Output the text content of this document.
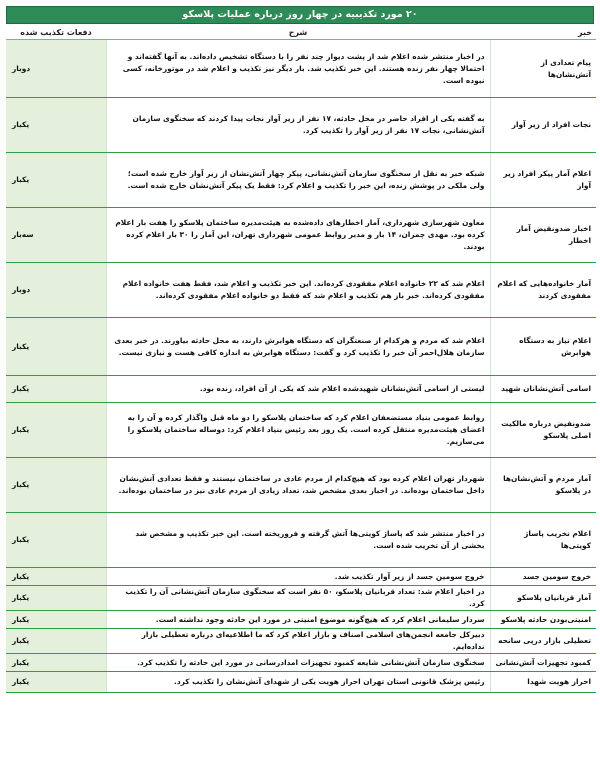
۲۰ مورد تکذیبیه در چهار روز درباره عملیات پلاسکو
خبر	شرح	دفعات تکذیب شده
پیام تعدادی از آتش‌نشان‌ها	در اخبار منتشر شده اعلام شد از پشت دیوار چند نفر را با دستگاه تشخیص داده‌اند. به آنها گفته‌اند و احتمالا چهار نفر زنده هستند. این خبر تکذیب شد. بار دیگر نیز تکذیب و اعلام شد در موتورخانه، کسی نبوده است.	دوبار
نجات افراد از زیر آوار	به گفته یکی از افراد حاضر در محل حادثه، ۱۷ نفر از زیر آوار نجات پیدا کردند که سخنگوی سازمان آتش‌نشانی، نجات ۱۷ نفر از زیر آوار را تکذیب کرد.	یکبار
اعلام آمار پیکر افراد زیر آوار	شبکه خبر به نقل از سخنگوی سازمان آتش‌نشانی، پیکر چهار آتش‌نشان از زیر آوار خارج شده است؛ ولی ملکی در پوشش زنده، این خبر را تکذیب و اعلام کرد: فقط یک پیکر آتش‌نشان خارج شده است.	یکبار
اخبار ضدونقیض آمار اخطار	معاون شهرسازی شهرداری، آمار اخطارهای داده‌شده به هیئت‌مدیره ساختمان پلاسکو را هفت بار اعلام کرده بود. مهدی چمران، ۱۴ بار و مدیر روابط عمومی شهرداری تهران، این آمار را ۳۰ بار اعلام کرده بودند.	سه‌بار
آمار خانواده‌هایی که اعلام مفقودی کردند	اعلام شد که ۲۲ خانواده اعلام مفقودی کرده‌اند. این خبر تکذیب و اعلام شد، فقط هفت خانواده اعلام مفقودی کرده‌اند. خبر باز هم تکذیب و اعلام شد که فقط دو خانواده اعلام مفقودی کرده‌اند.	دوبار
اعلام نیاز به دستگاه هوابرش	اعلام شد که مردم و هرکدام از صنعتگران که دستگاه هوابرش دارند، به محل حادثه بیاورند. در خبر بعدی سازمان هلال‌احمر آن خبر را تکذیب کرد و گفت: دستگاه هوابرش به اندازه کافی هست و نیازی نیست.	یکبار
اسامی آتش‌نشانان شهید	لیستی از اسامی آتش‌نشانان شهیدشده اعلام شد که یکی از آن افراد، زنده بود.	یکبار
ضدونقیض درباره مالکیت اصلی پلاسکو	روابط عمومی بنیاد مستضعفان اعلام کرد که ساختمان پلاسکو را دو ماه قبل واگذار کرده و آن را به اعضای هیئت‌مدیره منتقل کرده است. یک روز بعد رئیس بنیاد اعلام کرد: دوساله ساختمان پلاسکو را می‌سازیم.	یکبار
آمار مردم و آتش‌نشان‌ها در پلاسکو	شهردار تهران اعلام کرده بود که هیچ‌کدام از مردم عادی در ساختمان نیستند و فقط تعدادی آتش‌نشان داخل ساختمان بوده‌اند. در اخبار بعدی مشخص شد، تعداد زیادی از مردم عادی نیز در ساختمان بوده‌اند.	یکبار
اعلام تخریب پاساژ کویتی‌ها	در اخبار منتشر شد که پاساژ کویتی‌ها آتش گرفته و فروریخته است. این خبر تکذیب و مشخص شد بخشی از آن تخریب شده است.	یکبار
خروج سومین جسد	خروج سومین جسد از زیر آوار تکذیب شد.	یکبار
آمار قربانیان پلاسکو	در اخبار اعلام شد: تعداد قربانیان پلاسکو، ۵۰ نفر است که سخنگوی سازمان آتش‌نشانی آن را تکذیب کرد.	یکبار
امنیتی‌بودن حادثه پلاسکو	سردار سلیمانی اعلام کرد که هیچ‌گونه موضوع امنیتی در مورد این حادثه وجود نداشته است.	یکبار
تعطیلی بازار درپی سانحه	دبیرکل جامعه انجمن‌های اسلامی اصناف و بازار اعلام کرد که ما اطلاعیه‌ای درباره تعطیلی بازار نداده‌ایم.	یکبار
کمبود تجهیزات آتش‌نشانی	سخنگوی سازمان آتش‌نشانی شایعه کمبود تجهیزات امدادرسانی در مورد این حادثه را تکذیب کرد.	یکبار
احراز هویت شهدا	رئیس پزشک قانونی استان تهران احراز هویت یکی از شهدای آتش‌نشان را تکذیب کرد.	یکبار
